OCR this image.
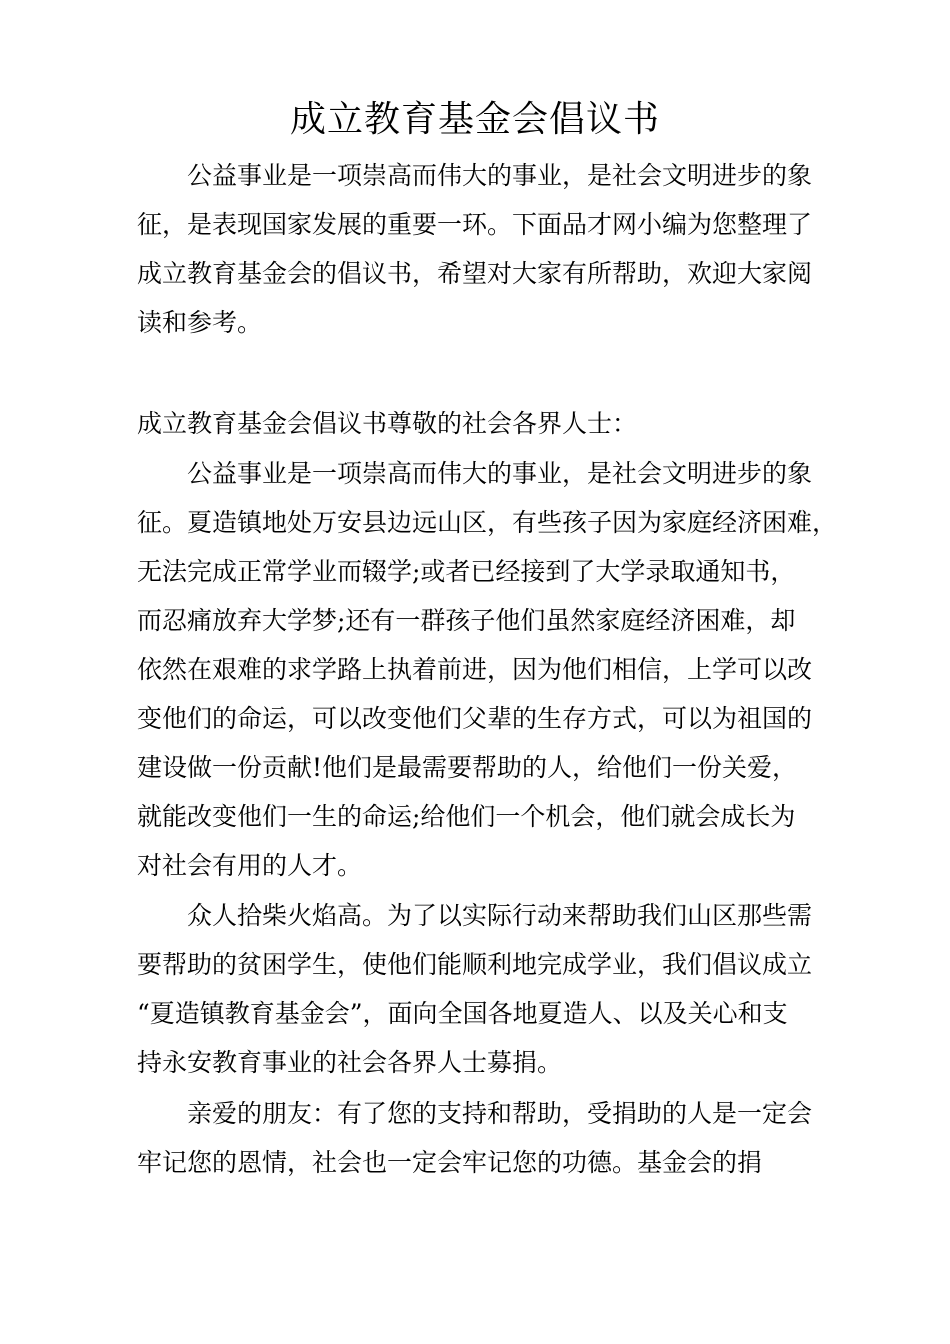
成立教育基金会倡议书
公益事业是一项崇高而伟大的事业，是社会文明进步的象
征，是表现国家发展的重要一环。下面品才网小编为您整理了
成立教育基金会的倡议书，希望对大家有所帮助，欢迎大家阅
读和参考。
成立教育基金会倡议书尊敬的社会各界人士：
公益事业是一项崇高而伟大的事业，是社会文明进步的象
征。夏造镇地处万安县边远山区，有些孩子因为家庭经济困难，
无法完成正常学业而辍学;或者已经接到了大学录取通知书，
而忍痛放弃大学梦;还有一群孩子他们虽然家庭经济困难，却
依然在艰难的求学路上执着前进，因为他们相信，上学可以改
变他们的命运，可以改变他们父辈的生存方式，可以为祖国的
建设做一份贡献!他们是最需要帮助的人，给他们一份关爱，
就能改变他们一生的命运;给他们一个机会，他们就会成长为
对社会有用的人才。
众人拾柴火焰高。为了以实际行动来帮助我们山区那些需
要帮助的贫困学生，使他们能顺利地完成学业，我们倡议成立
“夏造镇教育基金会”，面向全国各地夏造人、以及关心和支
持永安教育事业的社会各界人士募捐。
亲爱的朋友：有了您的支持和帮助，受捐助的人是一定会
牢记您的恩情，社会也一定会牢记您的功德。基金会的捐
